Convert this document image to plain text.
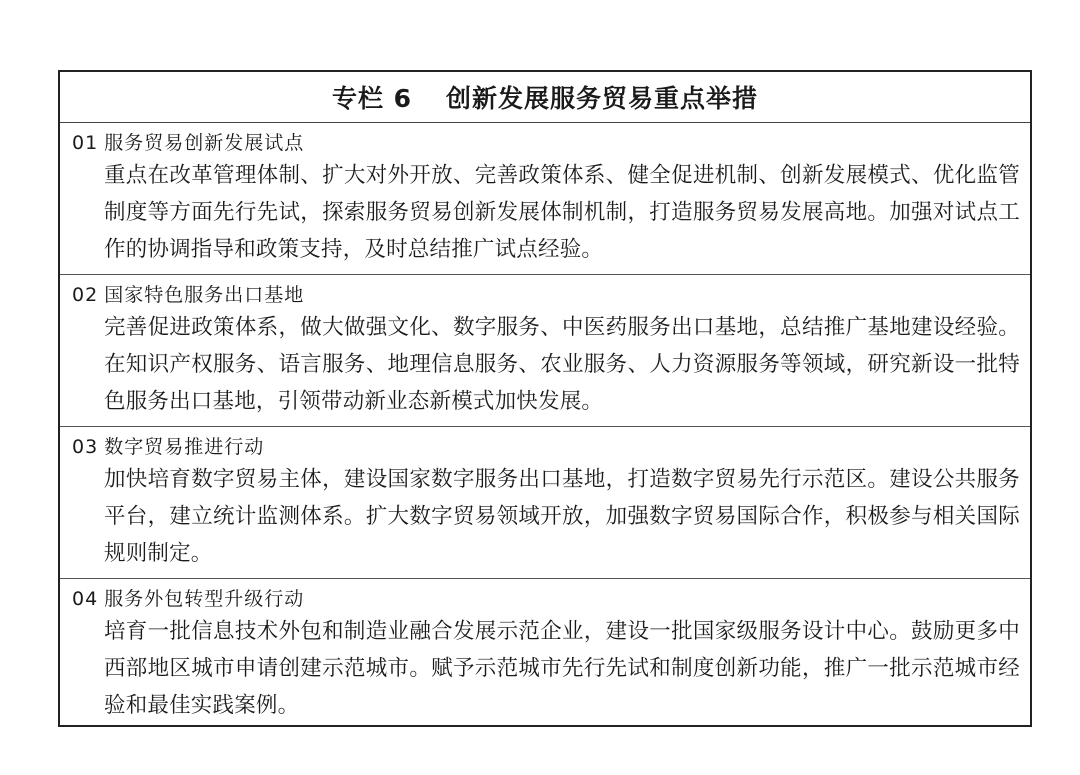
专栏 6 创新发展服务贸易重点举措
01 服务贸易创新发展试点
重点在改革管理体制、扩大对外开放、完善政策体系、健全促进机制、创新发展模式、优化监管制度等方面先行先试，探索服务贸易创新发展体制机制，打造服务贸易发展高地。加强对试点工作的协调指导和政策支持，及时总结推广试点经验。
02 国家特色服务出口基地
完善促进政策体系，做大做强文化、数字服务、中医药服务出口基地，总结推广基地建设经验。在知识产权服务、语言服务、地理信息服务、农业服务、人力资源服务等领域，研究新设一批特色服务出口基地，引领带动新业态新模式加快发展。
03 数字贸易推进行动
加快培育数字贸易主体，建设国家数字服务出口基地，打造数字贸易先行示范区。建设公共服务平台，建立统计监测体系。扩大数字贸易领域开放，加强数字贸易国际合作，积极参与相关国际规则制定。
04 服务外包转型升级行动
培育一批信息技术外包和制造业融合发展示范企业，建设一批国家级服务设计中心。鼓励更多中西部地区城市申请创建示范城市。赋予示范城市先行先试和制度创新功能，推广一批示范城市经验和最佳实践案例。
